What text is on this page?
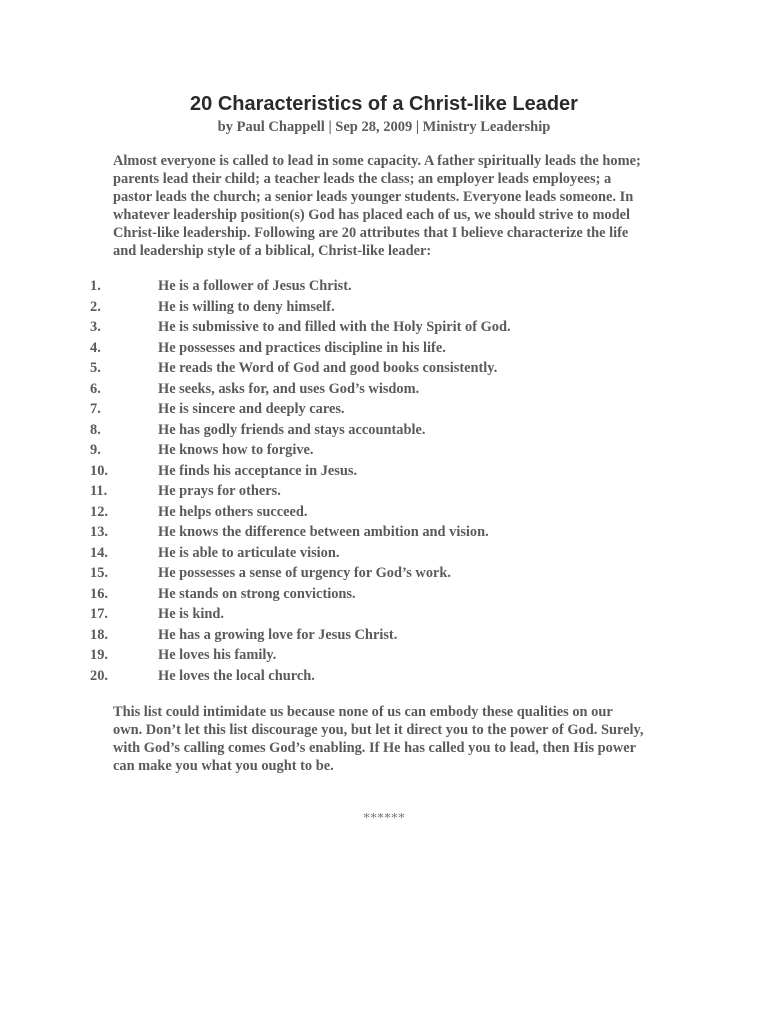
20 Characteristics of a Christ-like Leader

by Paul Chappell | Sep 28, 2009 | Ministry Leadership

Almost everyone is called to lead in some capacity. A father spiritually leads the home; parents lead their child; a teacher leads the class; an employer leads employees; a pastor leads the church; a senior leads younger students. Everyone leads someone. In whatever leadership position(s) God has placed each of us, we should strive to model Christ-like leadership. Following are 20 attributes that I believe characterize the life and leadership style of a biblical, Christ-like leader:

1.	He is a follower of Jesus Christ.
2.	He is willing to deny himself.
3.	He is submissive to and filled with the Holy Spirit of God.
4.	He possesses and practices discipline in his life.
5.	He reads the Word of God and good books consistently.
6.	He seeks, asks for, and uses God’s wisdom.
7.	He is sincere and deeply cares.
8.	He has godly friends and stays accountable.
9.	He knows how to forgive.
10.	He finds his acceptance in Jesus.
11.	He prays for others.
12.	He helps others succeed.
13.	He knows the difference between ambition and vision.
14.	He is able to articulate vision.
15.	He possesses a sense of urgency for God’s work.
16.	He stands on strong convictions.
17.	He is kind.
18.	He has a growing love for Jesus Christ.
19.	He loves his family.
20.	He loves the local church.

This list could intimidate us because none of us can embody these qualities on our own. Don’t let this list discourage you, but let it direct you to the power of God. Surely, with God’s calling comes God’s enabling. If He has called you to lead, then His power can make you what you ought to be.

******
